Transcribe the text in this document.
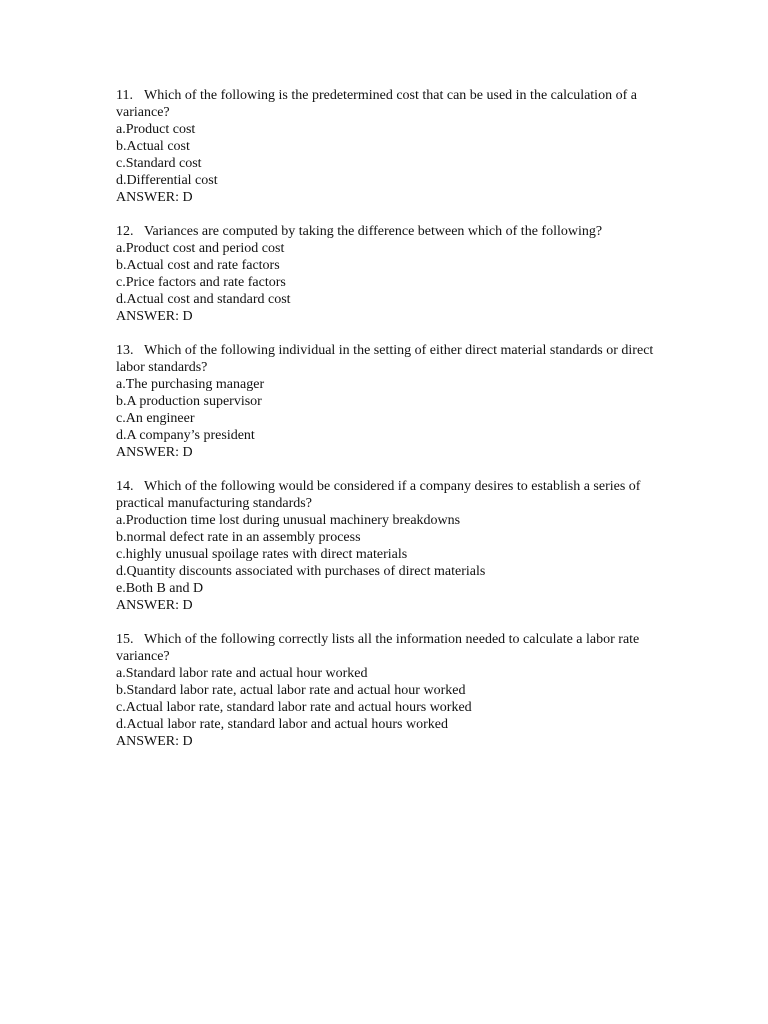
11. Which of the following is the predetermined cost that can be used in the calculation of a variance?

a.Product cost
b.Actual cost
c.Standard cost
d.Differential cost

ANSWER: D

12. Variances are computed by taking the difference between which of the following?

a.Product cost and period cost
b.Actual cost and rate factors
c.Price factors and rate factors
d.Actual cost and standard cost

ANSWER: D

13. Which of the following individual in the setting of either direct material standards or direct labor standards?

a.The purchasing manager
b.A production supervisor
c.An engineer
d.A company’s president

ANSWER: D

14. Which of the following would be considered if a company desires to establish a series of practical manufacturing standards?

a.Production time lost during unusual machinery breakdowns
b.normal defect rate in an assembly process
c.highly unusual spoilage rates with direct materials
d.Quantity discounts associated with purchases of direct materials
e.Both B and D

ANSWER: D

15. Which of the following correctly lists all the information needed to calculate a labor rate variance?

a.Standard labor rate and actual hour worked
b.Standard labor rate, actual labor rate and actual hour worked
c.Actual labor rate, standard labor rate and actual hours worked
d.Actual labor rate, standard labor and actual hours worked

ANSWER: D
